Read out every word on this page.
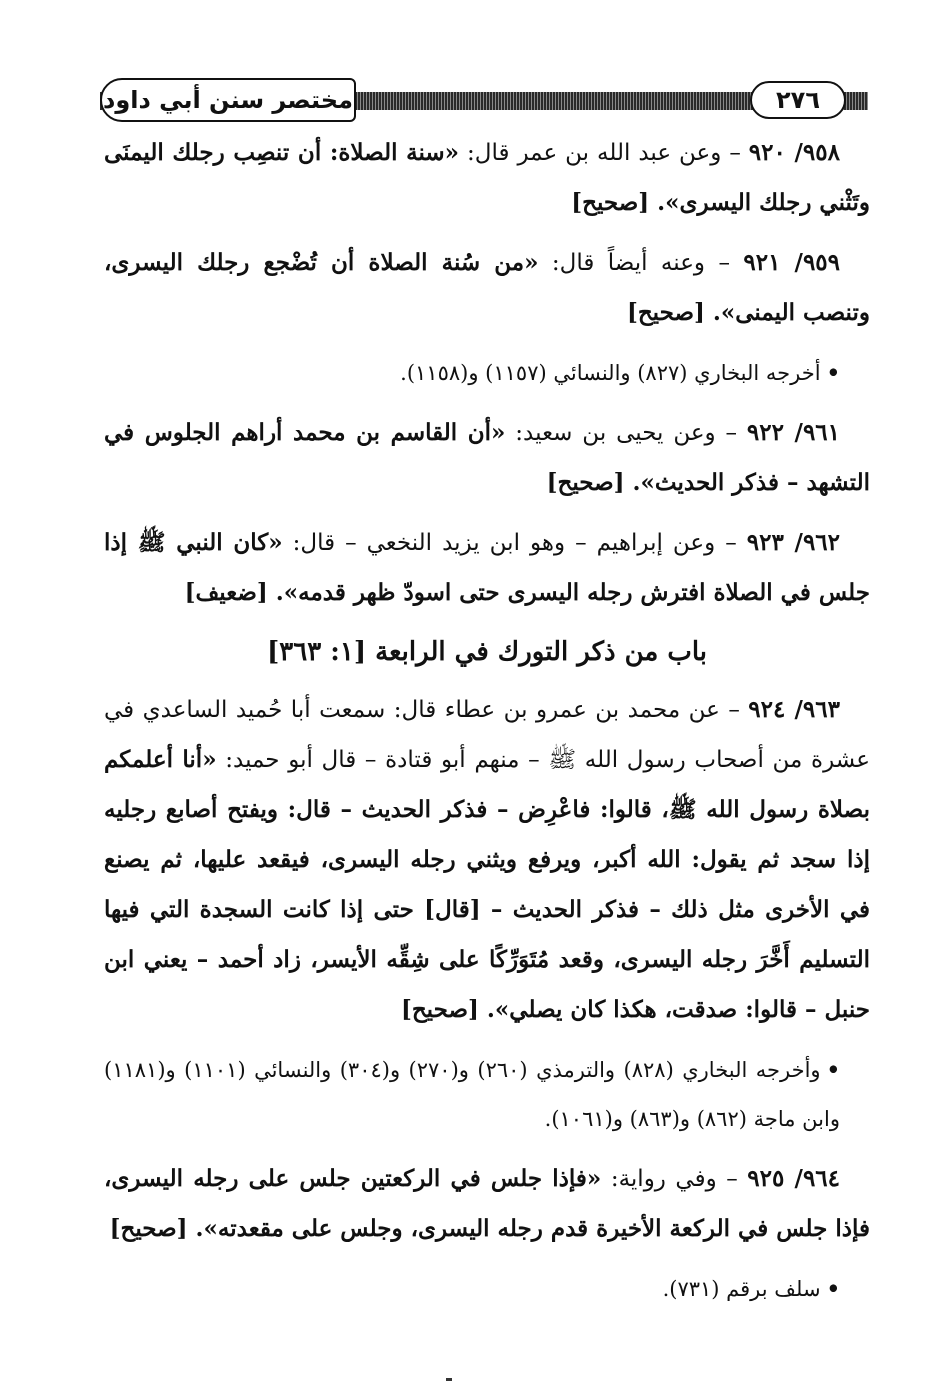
مختصر سنن أبي داود	٢٧٦

٩٥٨/ ٩٢٠ – وعن عبد الله بن عمر قال: «سنة الصلاة: أن تنصِب رجلك اليمنَى وتَثْني رجلك اليسرى». [صحيح]

٩٥٩/ ٩٢١ – وعنه أيضاً قال: «من سُنة الصلاة أن تُضْجع رجلك اليسرى، وتنصب اليمنى». [صحيح]

•أخرجه البخاري (٨٢٧) والنسائي (١١٥٧) و(١١٥٨).

٩٦١/ ٩٢٢ – وعن يحيى بن سعيد: «أن القاسم بن محمد أراهم الجلوس في التشهد – فذكر الحديث». [صحيح]

٩٦٢/ ٩٢٣ – وعن إبراهيم – وهو ابن يزيد النخعي – قال: «كان النبي ﷺ إذا جلس في الصلاة افترش رجله اليسرى حتى اسودّ ظهر قدمه». [ضعيف]

باب من ذكر التورك في الرابعة [١: ٣٦٣]

٩٦٣/ ٩٢٤ – عن محمد بن عمرو بن عطاء قال: سمعت أبا حُميد الساعدي في عشرة من أصحاب رسول الله ﷺ – منهم أبو قتادة – قال أبو حميد: «أنا أعلمكم بصلاة رسول الله ﷺ، قالوا: فاعْرِض – فذكر الحديث – قال: ويفتح أصابع رجليه إذا سجد ثم يقول: الله أكبر، ويرفع ويثني رجله اليسرى، فيقعد عليها، ثم يصنع في الأخرى مثل ذلك – فذكر الحديث – [قال] حتى إذا كانت السجدة التي فيها التسليم أَخَّرَ رجله اليسرى، وقعد مُتَوَرِّكًا على شِقِّه الأيسر، زاد أحمد – يعني ابن حنبل – قالوا: صدقت، هكذا كان يصلي». [صحيح]

•وأخرجه البخاري (٨٢٨) والترمذي (٢٦٠) و(٢٧٠) و(٣٠٤) والنسائي (١١٠١) و(١١٨١) وابن ماجة (٨٦٢) و(٨٦٣) و(١٠٦١).

٩٦٤/ ٩٢٥ – وفي رواية: «فإذا جلس في الركعتين جلس على رجله اليسرى، فإذا جلس في الركعة الأخيرة قدم رجله اليسرى، وجلس على مقعدته». [صحيح]

•سلف برقم (٧٣١).
